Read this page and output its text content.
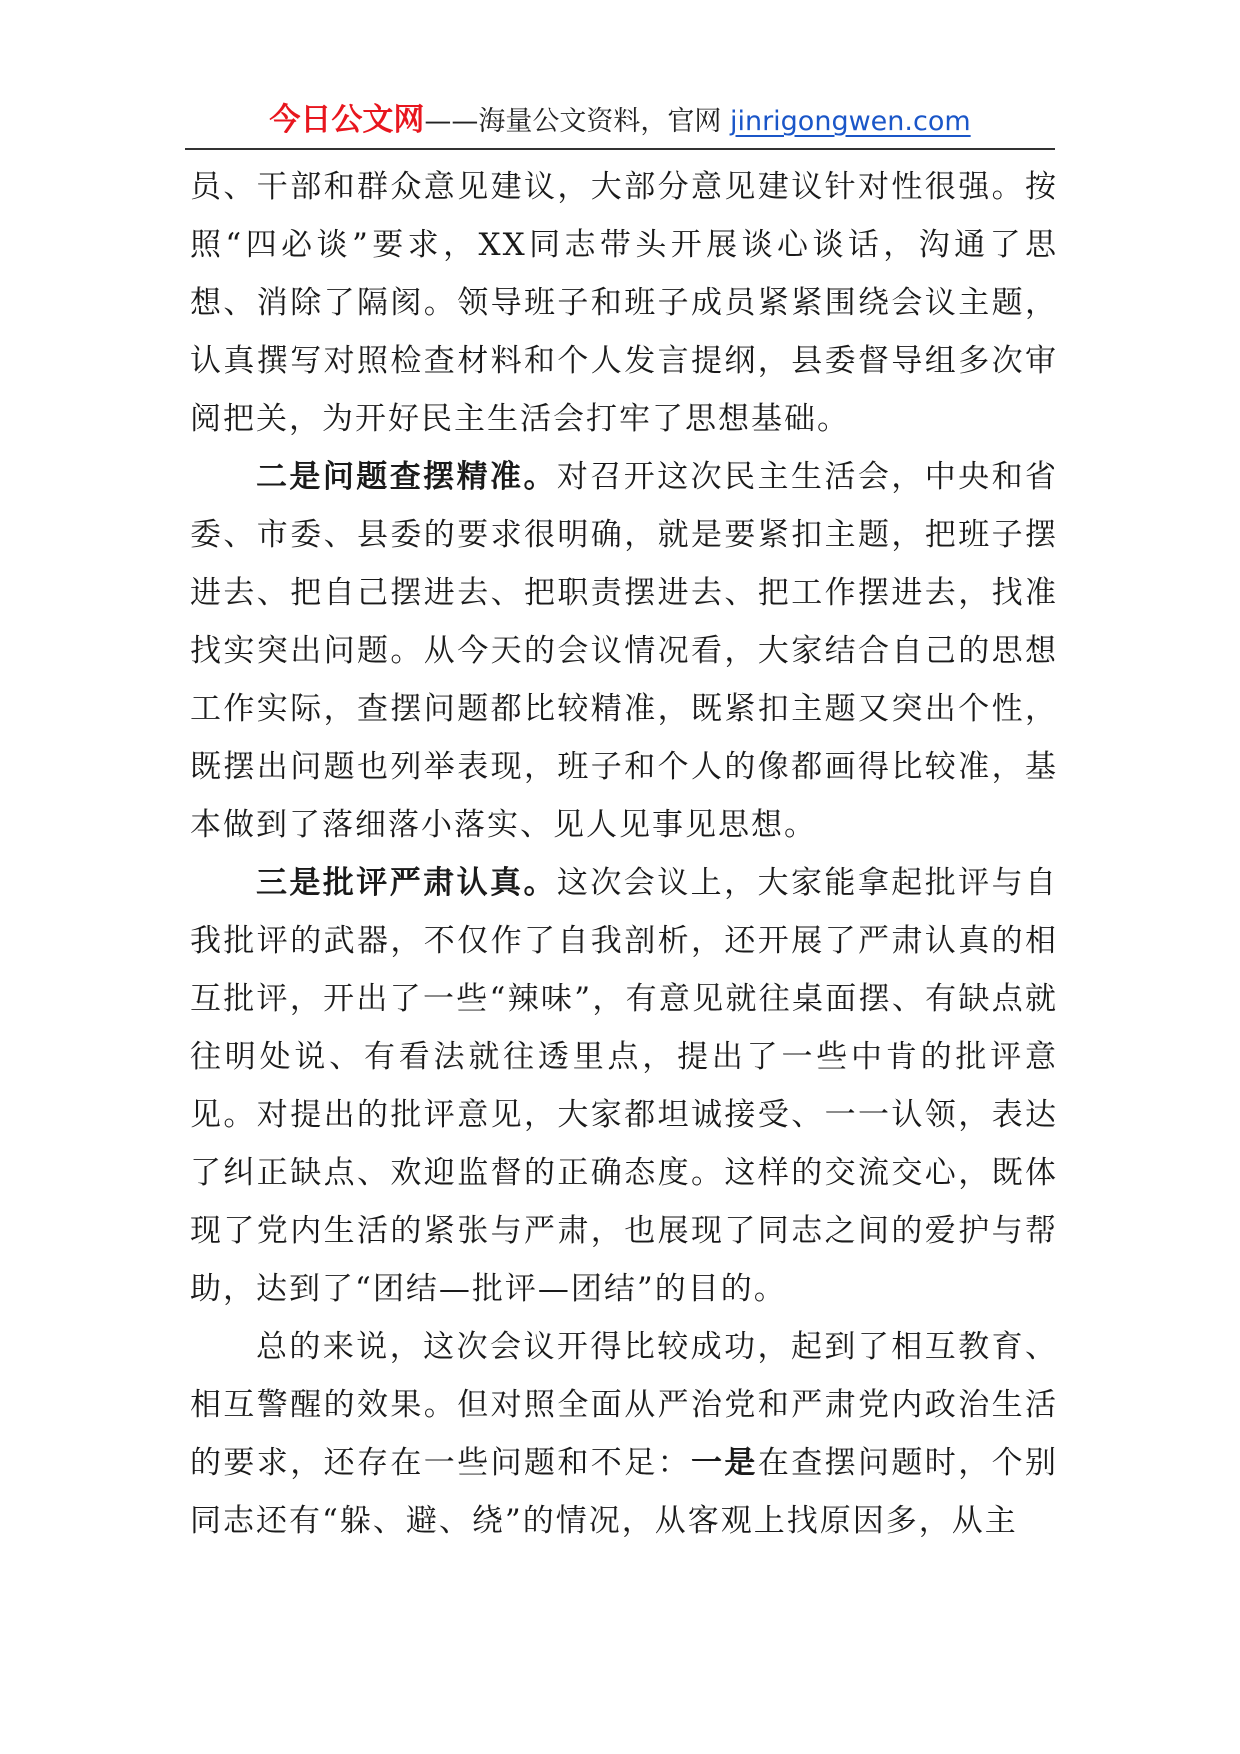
今日公文网——海量公文资料，官网 jinrigongwen.com

员、干部和群众意见建议，大部分意见建议针对性很强。按照“四必谈”要求，XX同志带头开展谈心谈话，沟通了思想、消除了隔阂。领导班子和班子成员紧紧围绕会议主题，认真撰写对照检查材料和个人发言提纲，县委督导组多次审阅把关，为开好民主生活会打牢了思想基础。

二是问题查摆精准。对召开这次民主生活会，中央和省委、市委、县委的要求很明确，就是要紧扣主题，把班子摆进去、把自己摆进去、把职责摆进去、把工作摆进去，找准找实突出问题。从今天的会议情况看，大家结合自己的思想工作实际，查摆问题都比较精准，既紧扣主题又突出个性，既摆出问题也列举表现，班子和个人的像都画得比较准，基本做到了落细落小落实、见人见事见思想。

三是批评严肃认真。这次会议上，大家能拿起批评与自我批评的武器，不仅作了自我剖析，还开展了严肃认真的相互批评，开出了一些“辣味”，有意见就往桌面摆、有缺点就往明处说、有看法就往透里点，提出了一些中肯的批评意见。对提出的批评意见，大家都坦诚接受、一一认领，表达了纠正缺点、欢迎监督的正确态度。这样的交流交心，既体现了党内生活的紧张与严肃，也展现了同志之间的爱护与帮助，达到了“团结—批评—团结”的目的。

总的来说，这次会议开得比较成功，起到了相互教育、相互警醒的效果。但对照全面从严治党和严肃党内政治生活的要求，还存在一些问题和不足：一是在查摆问题时，个别同志还有“躲、避、绕”的情况，从客观上找原因多，从主
